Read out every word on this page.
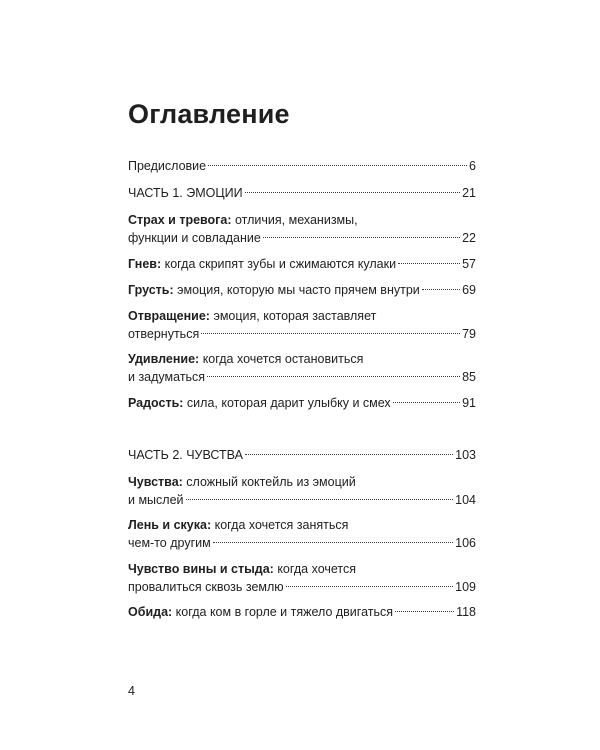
Оглавление
Предисловие	6
ЧАСТЬ 1. ЭМОЦИИ	21
Страх и тревога: отличия, механизмы,
функции и совладание	22
Гнев: когда скрипят зубы и сжимаются кулаки	57
Грусть: эмоция, которую мы часто прячем внутри	69
Отвращение: эмоция, которая заставляет
отвернуться	79
Удивление: когда хочется остановиться
и задуматься	85
Радость: сила, которая дарит улыбку и смех	91
ЧАСТЬ 2. ЧУВСТВА	103
Чувства: сложный коктейль из эмоций
и мыслей	104
Лень и скука: когда хочется заняться
чем-то другим	106
Чувство вины и стыда: когда хочется
провалиться сквозь землю	109
Обида: когда ком в горле и тяжело двигаться	118
4
